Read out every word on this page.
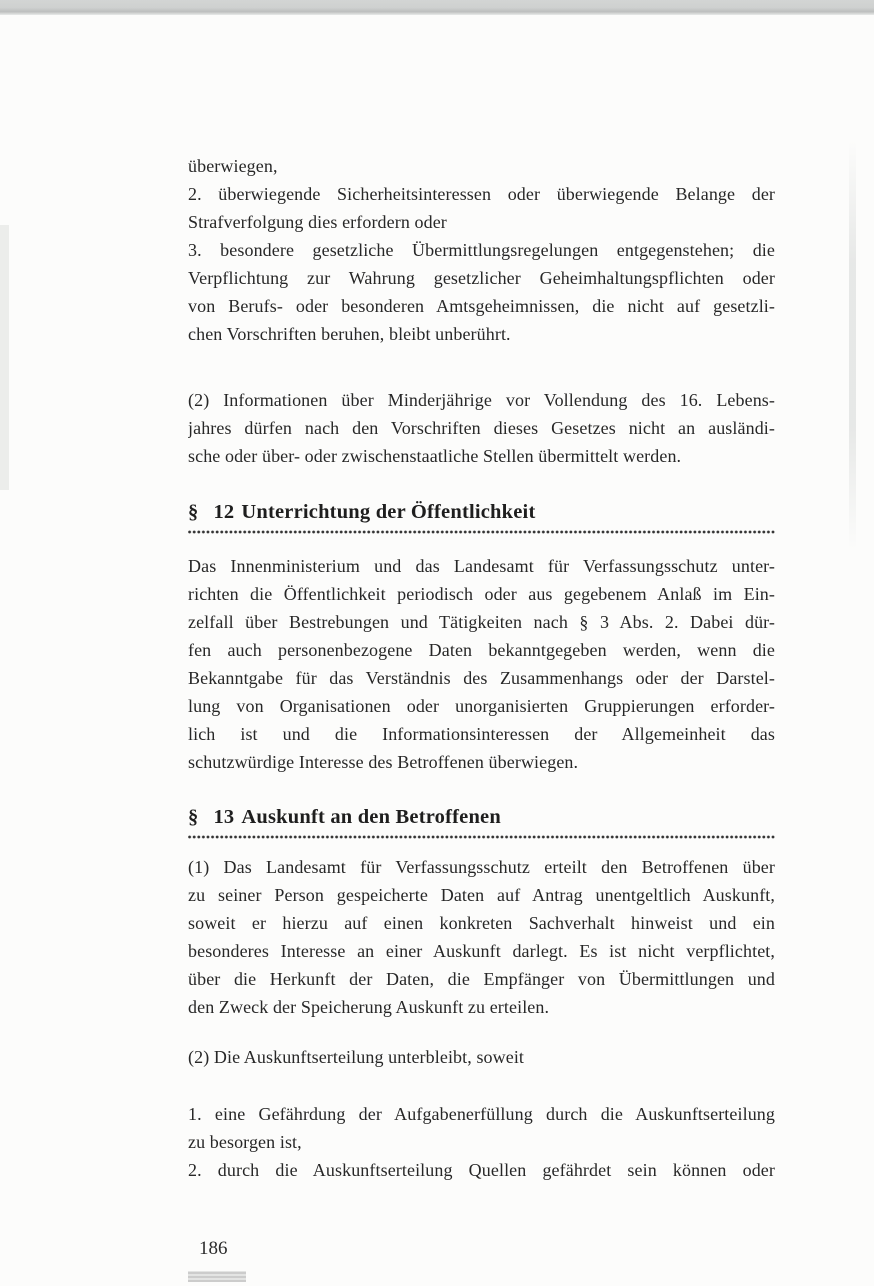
überwiegen,
2. überwiegende Sicherheitsinteressen oder überwiegende Belange der
Strafverfolgung dies erfordern oder
3. besondere gesetzliche Übermittlungsregelungen entgegenstehen; die
Verpflichtung zur Wahrung gesetzlicher Geheimhaltungspflichten oder
von Berufs- oder besonderen Amtsgeheimnissen, die nicht auf gesetzli-
chen Vorschriften beruhen, bleibt unberührt.
(2) Informationen über Minderjährige vor Vollendung des 16. Lebens-
jahres dürfen nach den Vorschriften dieses Gesetzes nicht an ausländi-
sche oder über- oder zwischenstaatliche Stellen übermittelt werden.
§ 12 Unterrichtung der Öffentlichkeit
Das Innenministerium und das Landesamt für Verfassungsschutz unter-
richten die Öffentlichkeit periodisch oder aus gegebenem Anlaß im Ein-
zelfall über Bestrebungen und Tätigkeiten nach § 3 Abs. 2. Dabei dür-
fen auch personenbezogene Daten bekanntgegeben werden, wenn die
Bekanntgabe für das Verständnis des Zusammenhangs oder der Darstel-
lung von Organisationen oder unorganisierten Gruppierungen erforder-
lich ist und die Informationsinteressen der Allgemeinheit das
schutzwürdige Interesse des Betroffenen überwiegen.
§ 13 Auskunft an den Betroffenen
(1) Das Landesamt für Verfassungsschutz erteilt den Betroffenen über
zu seiner Person gespeicherte Daten auf Antrag unentgeltlich Auskunft,
soweit er hierzu auf einen konkreten Sachverhalt hinweist und ein
besonderes Interesse an einer Auskunft darlegt. Es ist nicht verpflichtet,
über die Herkunft der Daten, die Empfänger von Übermittlungen und
den Zweck der Speicherung Auskunft zu erteilen.
(2) Die Auskunftserteilung unterbleibt, soweit
1. eine Gefährdung der Aufgabenerfüllung durch die Auskunftserteilung
zu besorgen ist,
2. durch die Auskunftserteilung Quellen gefährdet sein können oder
186
